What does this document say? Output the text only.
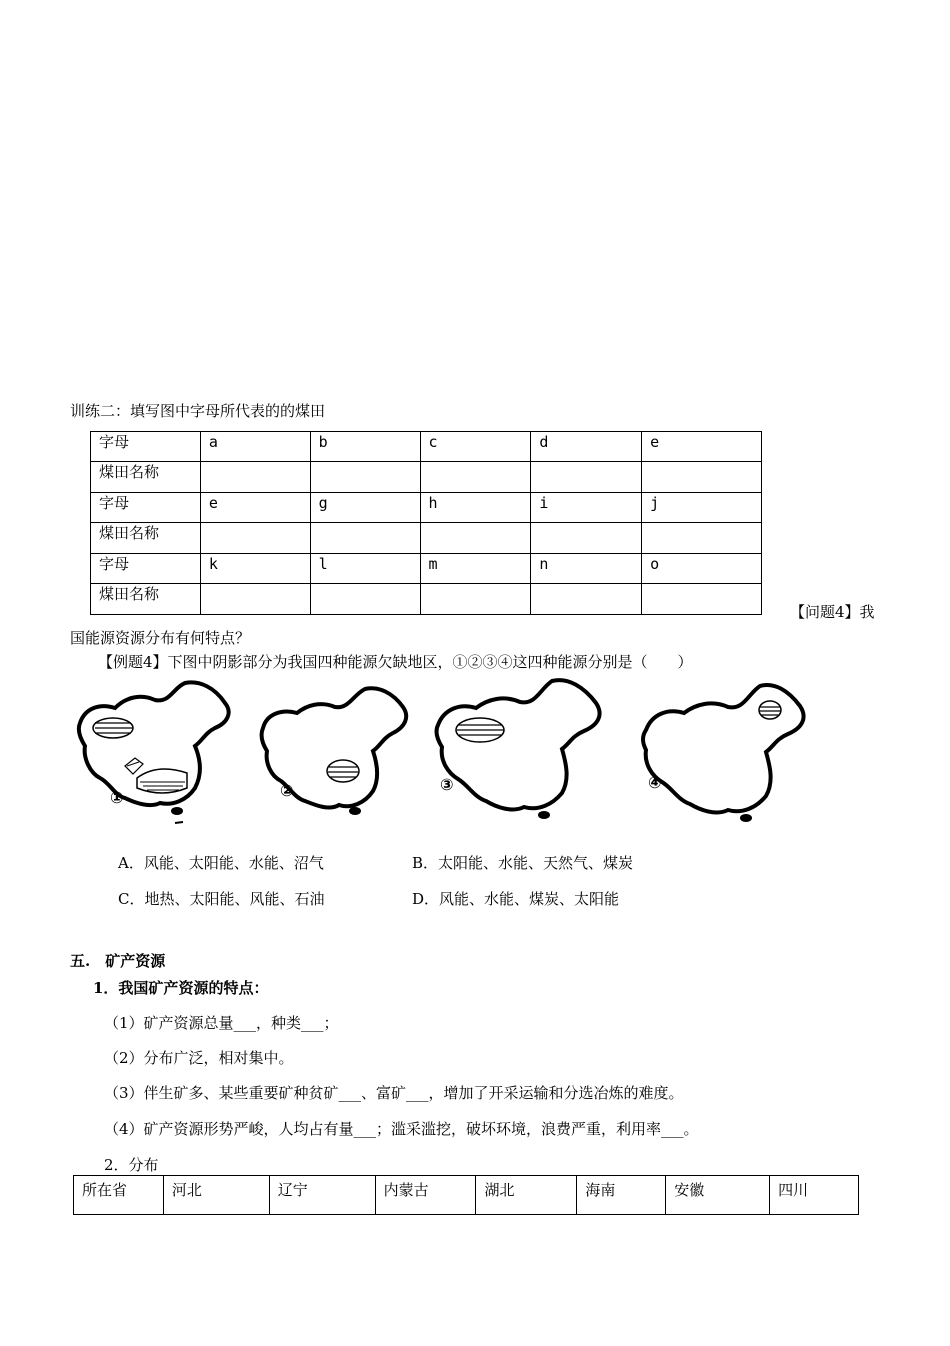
训练二：填写图中字母所代表的的煤田
字母	a	b	c	d	e
煤田名称					
字母	e	g	h	i	j
煤田名称					
字母	k	l	m	n	o
煤田名称					
【问题4】我
国能源资源分布有何特点？
【例题4】下图中阴影部分为我国四种能源欠缺地区，①②③④这四种能源分别是（　　）
①	②	③	④
A．风能、太阳能、水能、沼气	B．太阳能、水能、天然气、煤炭
C．地热、太阳能、风能、石油	D．风能、水能、煤炭、太阳能
五.　矿产资源
1．我国矿产资源的特点：
（1）矿产资源总量___，种类___；
（2）分布广泛，相对集中。
（3）伴生矿多、某些重要矿种贫矿___、富矿___，增加了开采运输和分选冶炼的难度。
（4）矿产资源形势严峻，人均占有量___；滥采滥挖，破坏环境，浪费严重，利用率___。
2．分布
所在省	河北	辽宁	内蒙古	湖北	海南	安徽	四川
